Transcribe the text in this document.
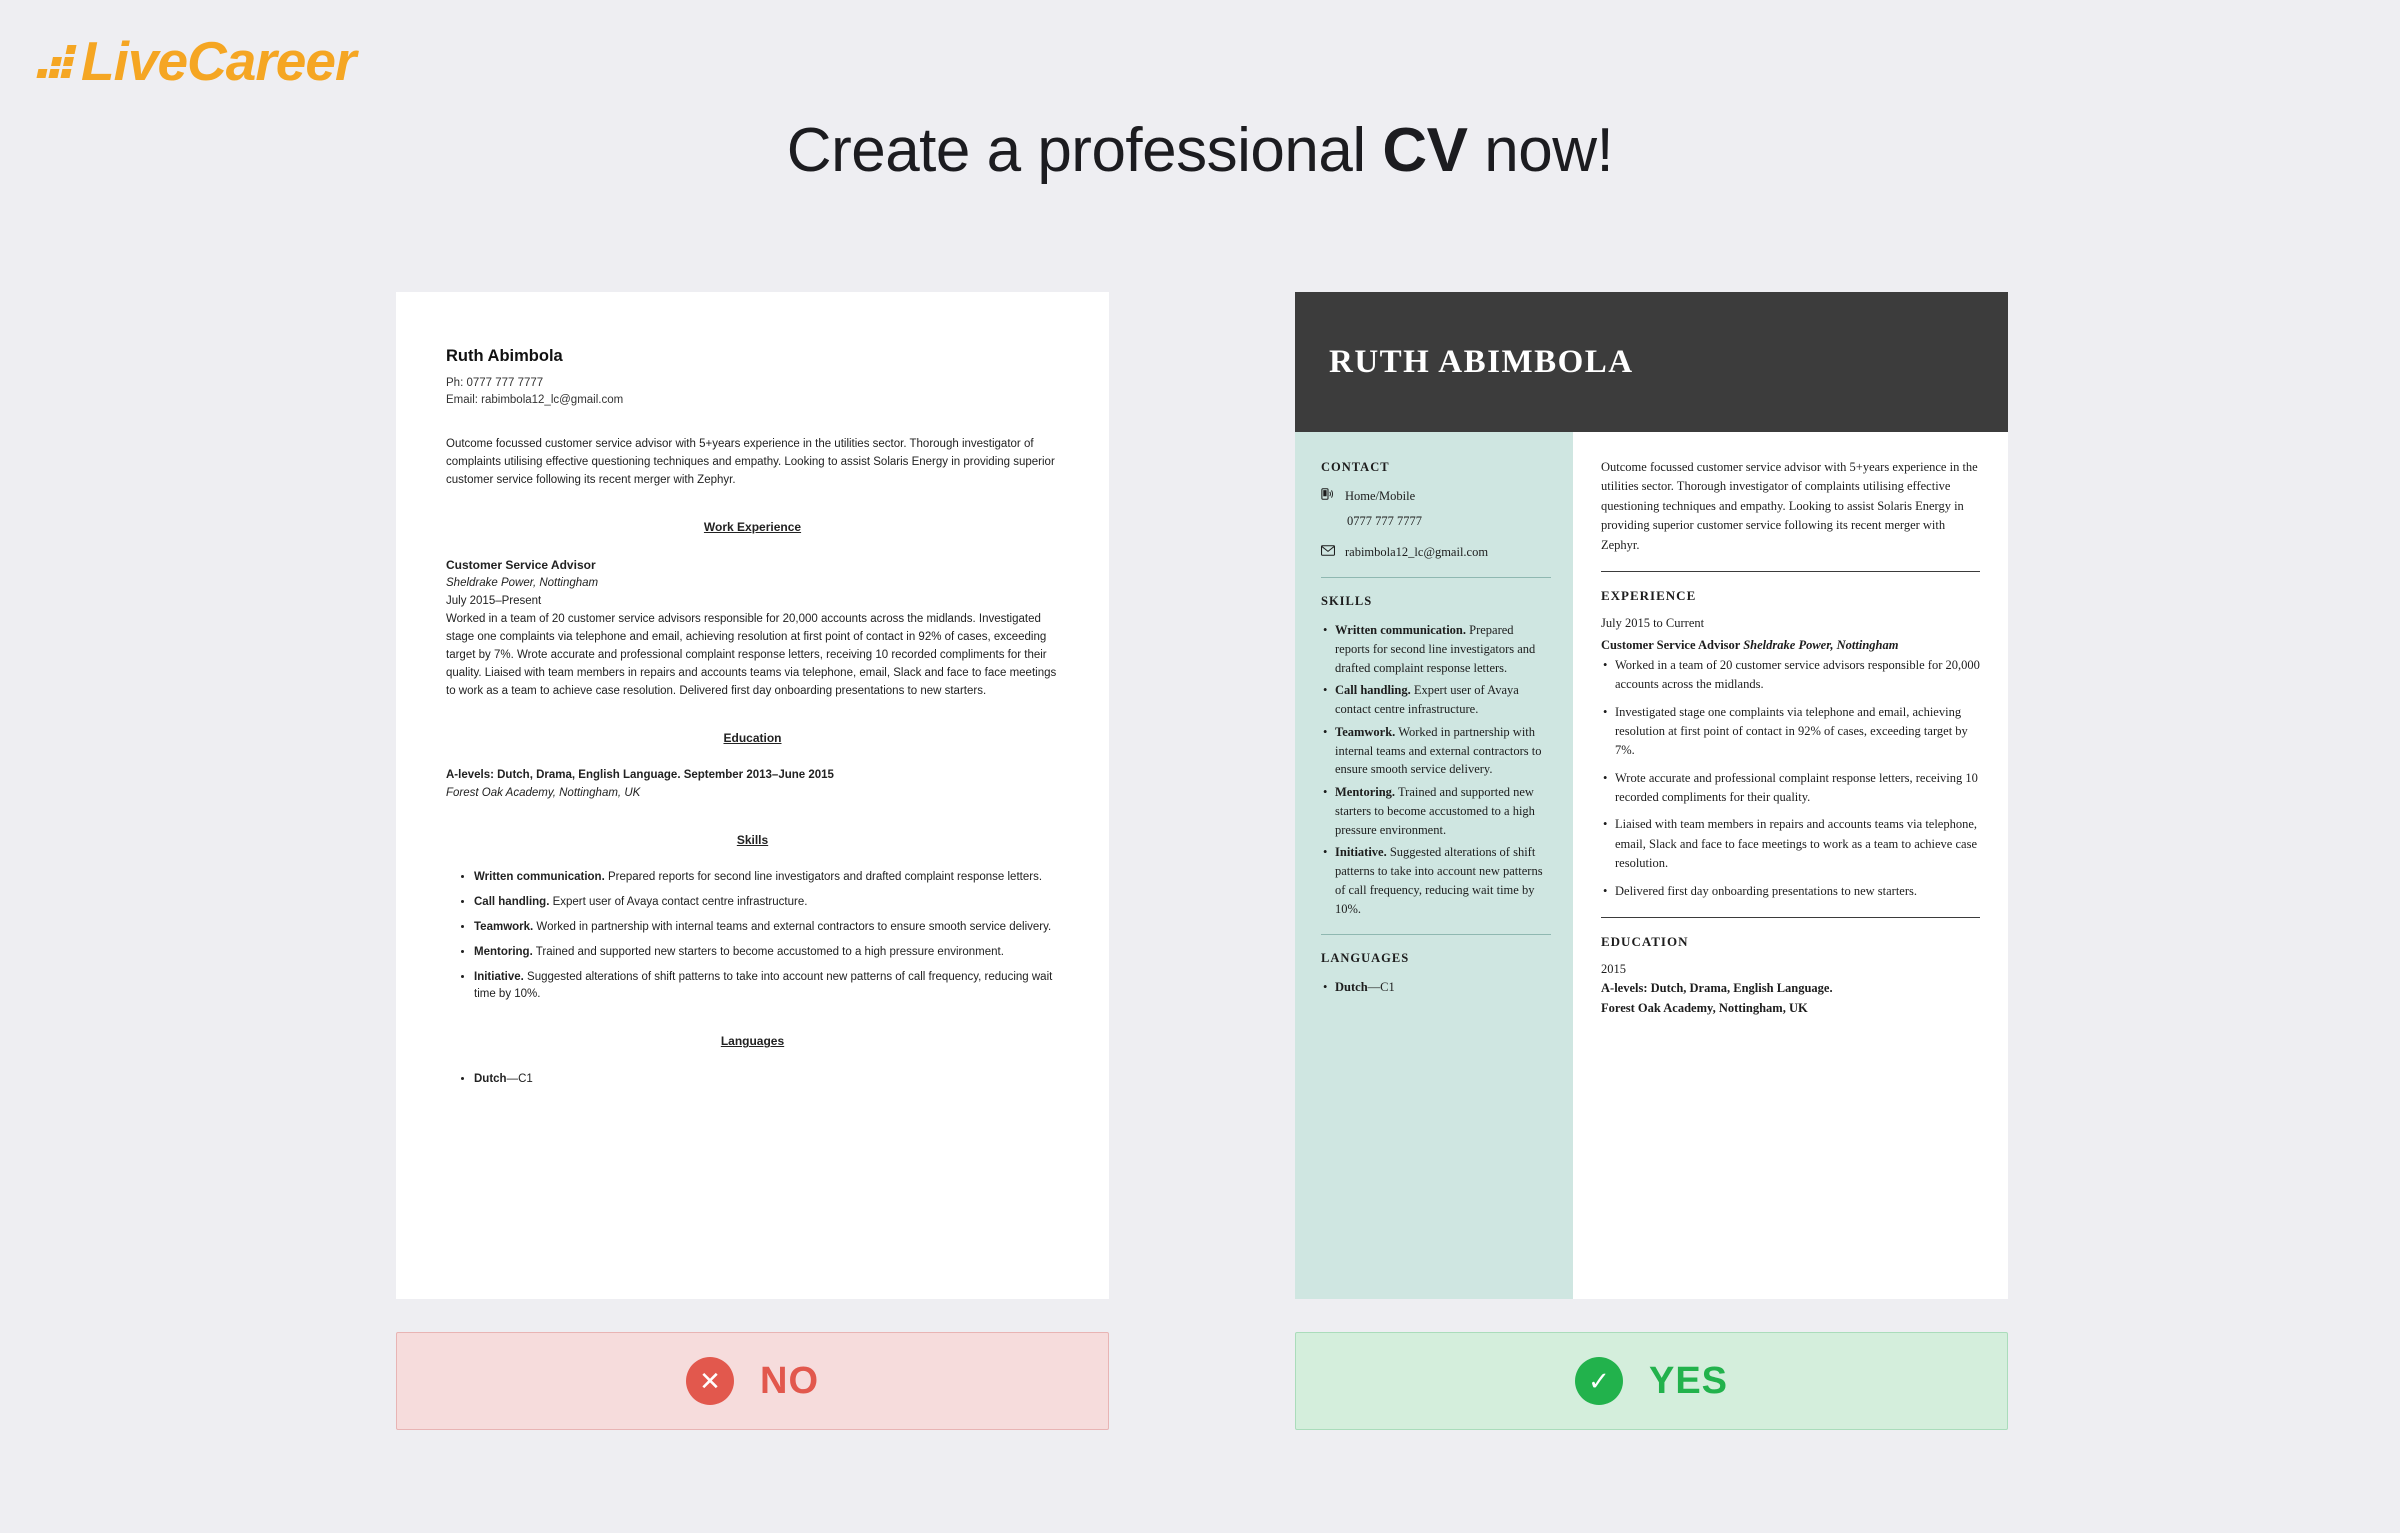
LiveCareer
Create a professional CV now!
Ruth Abimbola
Ph: 0777 777 7777
Email: rabimbola12_lc@gmail.com
Outcome focussed customer service advisor with 5+years experience in the utilities sector. Thorough investigator of complaints utilising effective questioning techniques and empathy. Looking to assist Solaris Energy in providing superior customer service following its recent merger with Zephyr.
Work Experience
Customer Service Advisor
Sheldrake Power, Nottingham
July 2015–Present
Worked in a team of 20 customer service advisors responsible for 20,000 accounts across the midlands. Investigated stage one complaints via telephone and email, achieving resolution at first point of contact in 92% of cases, exceeding target by 7%. Wrote accurate and professional complaint response letters, receiving 10 recorded compliments for their quality. Liaised with team members in repairs and accounts teams via telephone, email, Slack and face to face meetings to work as a team to achieve case resolution. Delivered first day onboarding presentations to new starters.
Education
A-levels: Dutch, Drama, English Language. September 2013–June 2015
Forest Oak Academy, Nottingham, UK
Skills
• Written communication. Prepared reports for second line investigators and drafted complaint response letters.
• Call handling. Expert user of Avaya contact centre infrastructure.
• Teamwork. Worked in partnership with internal teams and external contractors to ensure smooth service delivery.
• Mentoring. Trained and supported new starters to become accustomed to a high pressure environment.
• Initiative. Suggested alterations of shift patterns to take into account new patterns of call frequency, reducing wait time by 10%.
Languages
• Dutch—C1
RUTH ABIMBOLA
CONTACT
Home/Mobile
0777 777 7777
rabimbola12_lc@gmail.com
SKILLS
• Written communication. Prepared reports for second line investigators and drafted complaint response letters.
• Call handling. Expert user of Avaya contact centre infrastructure.
• Teamwork. Worked in partnership with internal teams and external contractors to ensure smooth service delivery.
• Mentoring. Trained and supported new starters to become accustomed to a high pressure environment.
• Initiative. Suggested alterations of shift patterns to take into account new patterns of call frequency, reducing wait time by 10%.
LANGUAGES
• Dutch—C1
Outcome focussed customer service advisor with 5+years experience in the utilities sector. Thorough investigator of complaints utilising effective questioning techniques and empathy. Looking to assist Solaris Energy in providing superior customer service following its recent merger with Zephyr.
EXPERIENCE
July 2015 to Current
Customer Service Advisor Sheldrake Power, Nottingham
• Worked in a team of 20 customer service advisors responsible for 20,000 accounts across the midlands.
• Investigated stage one complaints via telephone and email, achieving resolution at first point of contact in 92% of cases, exceeding target by 7%.
• Wrote accurate and professional complaint response letters, receiving 10 recorded compliments for their quality.
• Liaised with team members in repairs and accounts teams via telephone, email, Slack and face to face meetings to work as a team to achieve case resolution.
• Delivered first day onboarding presentations to new starters.
EDUCATION
2015
A-levels: Dutch, Drama, English Language.
Forest Oak Academy, Nottingham, UK
✕	NO	✓	YES
